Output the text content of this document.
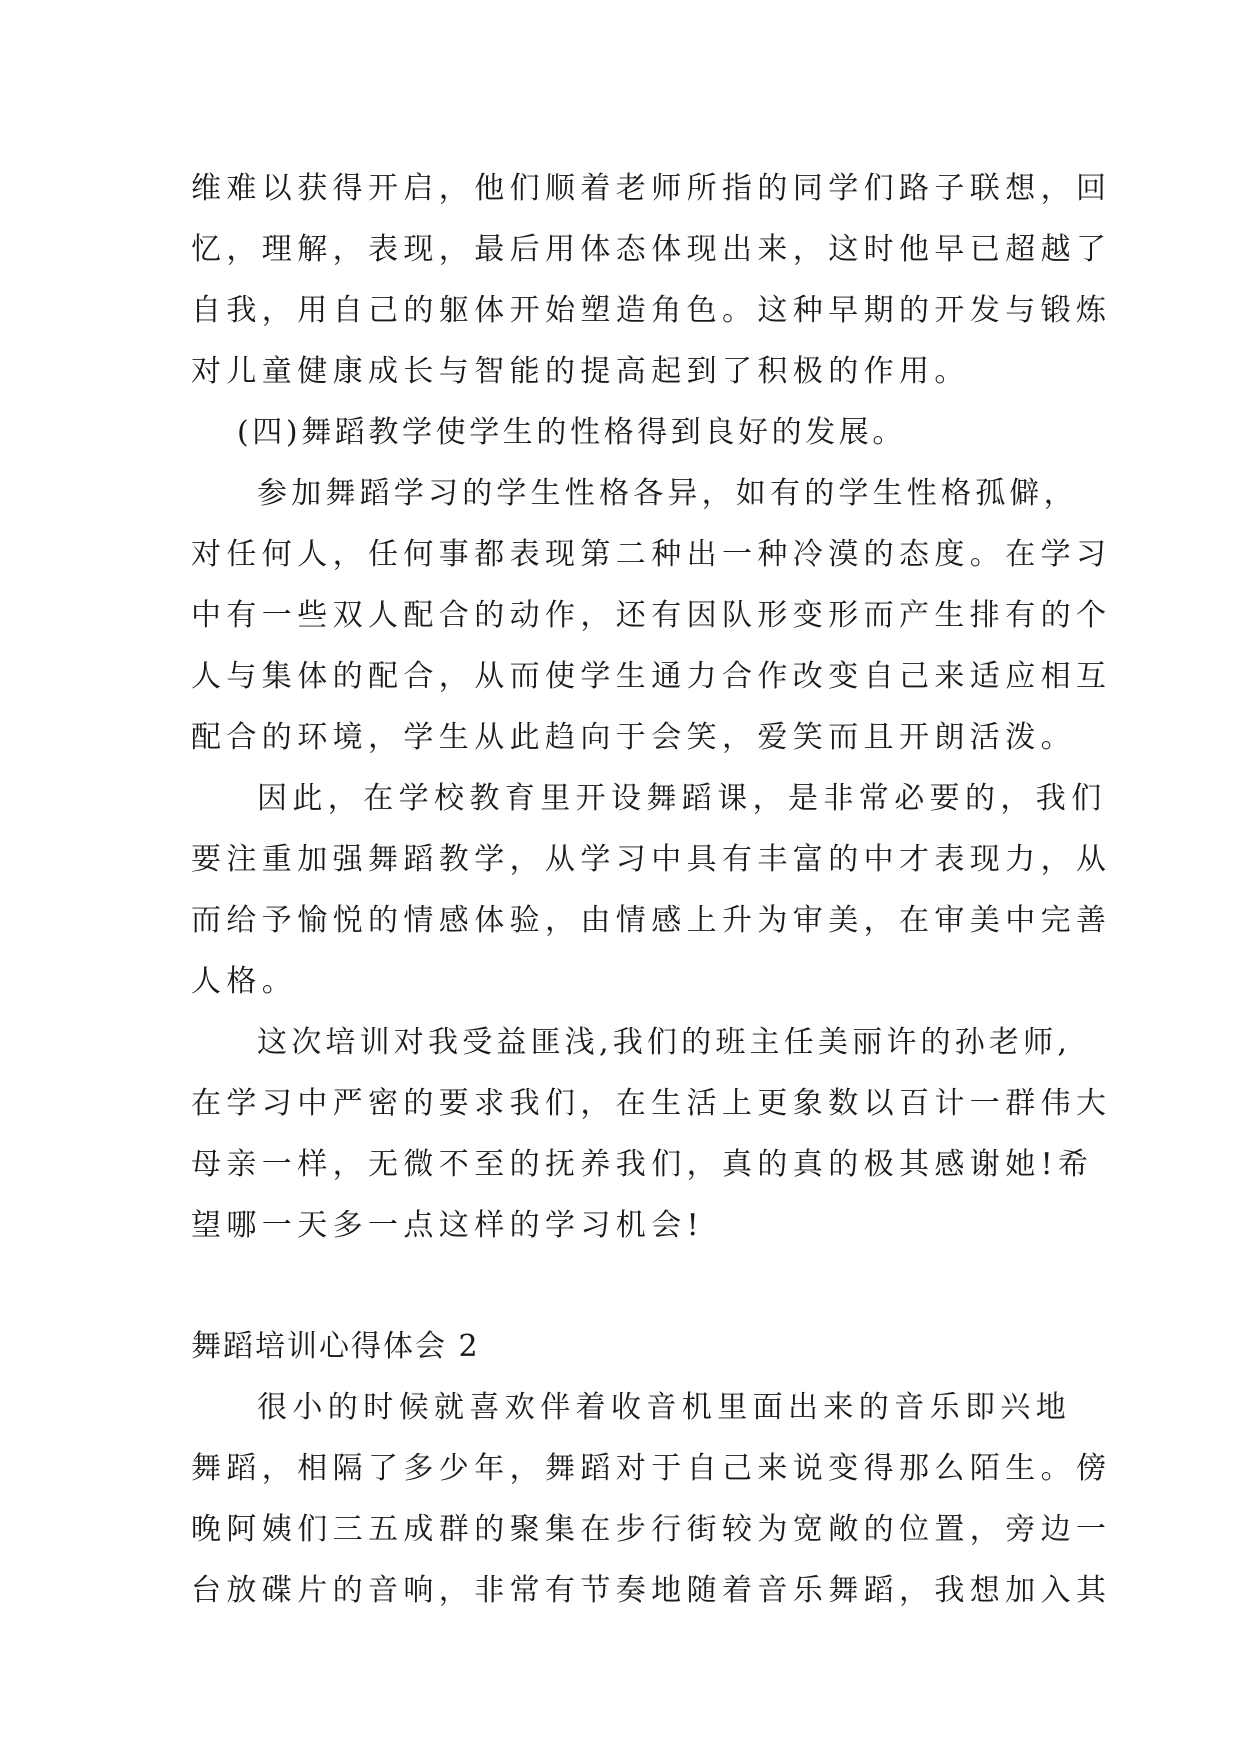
维难以获得开启，他们顺着老师所指的同学们路子联想，回
忆，理解，表现，最后用体态体现出来，这时他早已超越了
自我，用自己的躯体开始塑造角色。这种早期的开发与锻炼
对儿童健康成长与智能的提高起到了积极的作用。
(四)舞蹈教学使学生的性格得到良好的发展。
参加舞蹈学习的学生性格各异，如有的学生性格孤僻，
对任何人，任何事都表现第二种出一种冷漠的态度。在学习
中有一些双人配合的动作，还有因队形变形而产生排有的个
人与集体的配合，从而使学生通力合作改变自己来适应相互
配合的环境，学生从此趋向于会笑，爱笑而且开朗活泼。
因此，在学校教育里开设舞蹈课，是非常必要的，我们
要注重加强舞蹈教学，从学习中具有丰富的中才表现力，从
而给予愉悦的情感体验，由情感上升为审美，在审美中完善
人格。
这次培训对我受益匪浅,我们的班主任美丽许的孙老师,
在学习中严密的要求我们，在生活上更象数以百计一群伟大
母亲一样，无微不至的抚养我们，真的真的极其感谢她!希
望哪一天多一点这样的学习机会!
舞蹈培训心得体会 2
很小的时候就喜欢伴着收音机里面出来的音乐即兴地
舞蹈，相隔了多少年，舞蹈对于自己来说变得那么陌生。傍
晚阿姨们三五成群的聚集在步行街较为宽敞的位置，旁边一
台放碟片的音响，非常有节奏地随着音乐舞蹈，我想加入其
